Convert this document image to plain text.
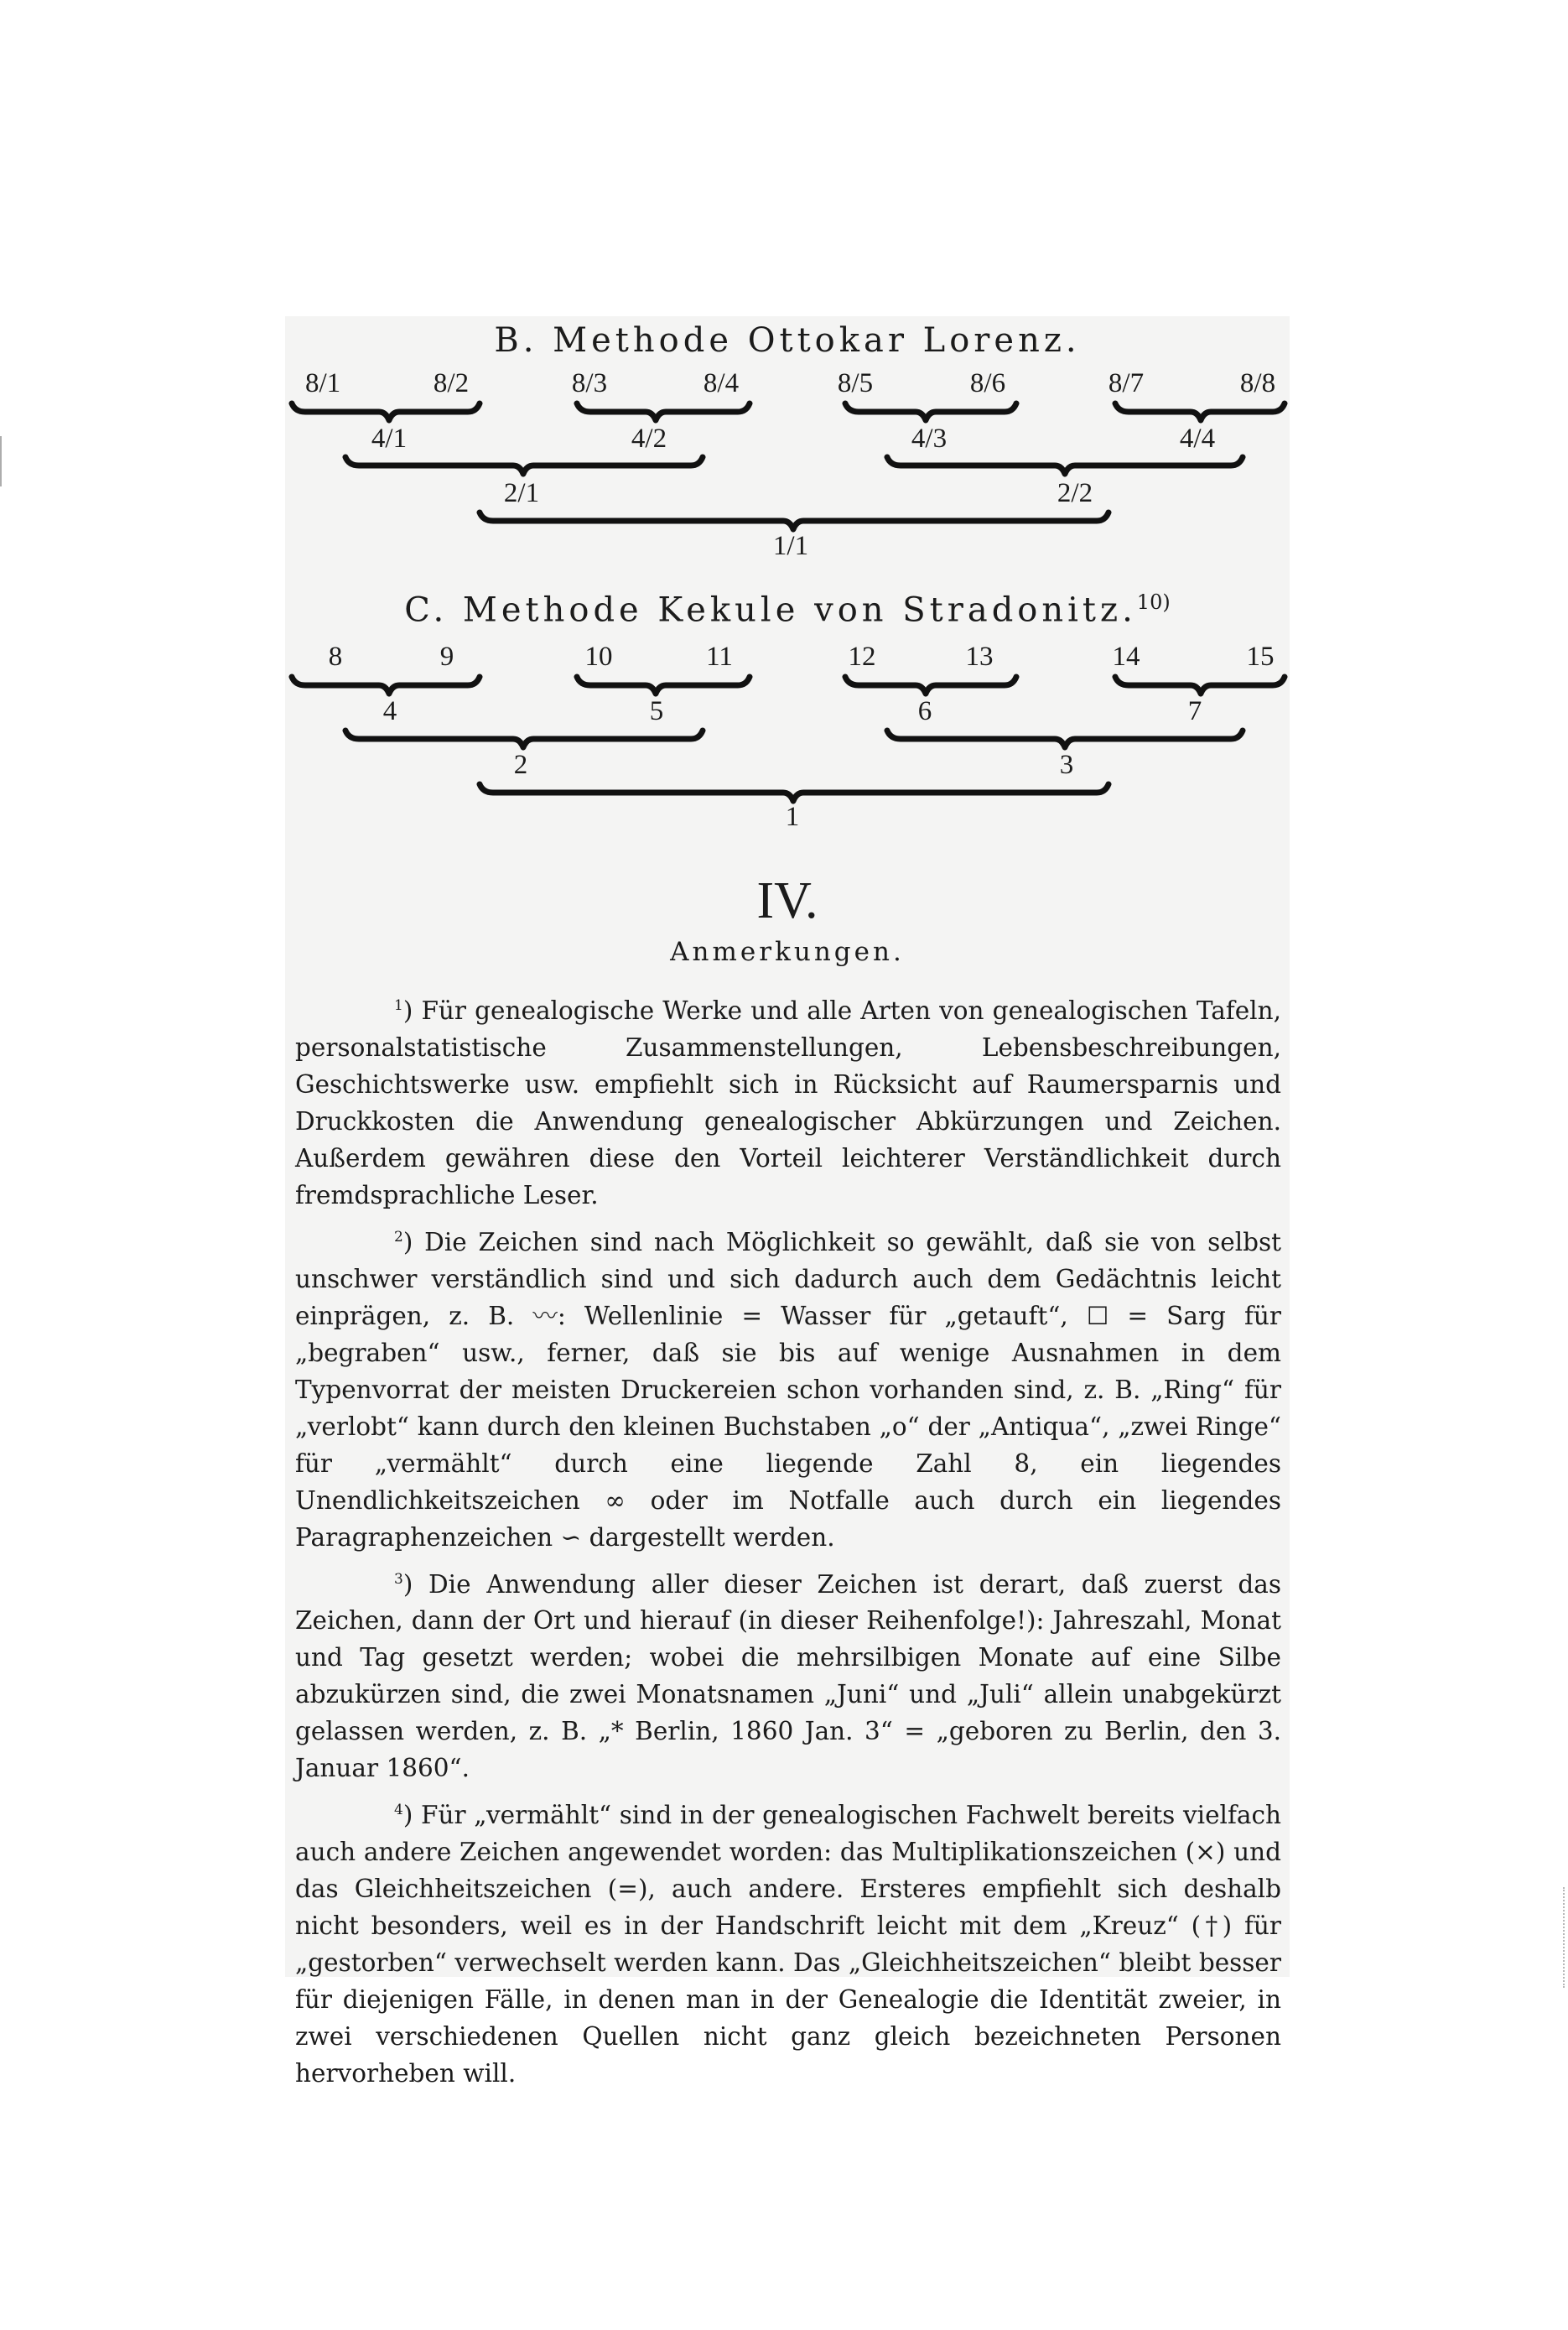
B. Methode Ottokar Lorenz.
8/1	8/2	8/3	8/4	8/5	8/6	8/7	8/8
4/1	4/2	4/3	4/4
2/1	2/2
1/1
C. Methode Kekule von Stradonitz.$^{10)}$
8	9	10	11	12	13	14	15
4	5	6	7
2	3
1
IV.
Anmerkungen.

$^1$) Für genealogische Werke und alle Arten von genealogischen Tafeln, personalstatistische Zusammenstellungen, Lebensbeschreibungen, Geschichtswerke usw. empfiehlt sich in Rücksicht auf Raumersparnis und Druckkosten die Anwendung genealogischer Abkürzungen und Zeichen. Außerdem gewähren diese den Vorteil leichterer Verständlichkeit durch fremdsprachliche Leser.

$^2$) Die Zeichen sind nach Möglichkeit so gewählt, daß sie von selbst unschwer verständlich sind und sich dadurch auch dem Gedächtnis leicht einprägen, z. B. 〰: Wellenlinie = Wasser für „getauft“, ☐ = Sarg für „begraben“ usw., ferner, daß sie bis auf wenige Ausnahmen in dem Typenvorrat der meisten Druckereien schon vorhanden sind, z. B. „Ring“ für „verlobt“ kann durch den kleinen Buchstaben „o“ der „Antiqua“, „zwei Ringe“ für „vermählt“ durch eine liegende Zahl 8, ein liegendes Unendlichkeitszeichen ∞ oder im Notfalle auch durch ein liegendes Paragraphenzeichen ∽ dargestellt werden.

$^3$) Die Anwendung aller dieser Zeichen ist derart, daß zuerst das Zeichen, dann der Ort und hierauf (in dieser Reihenfolge!): Jahreszahl, Monat und Tag gesetzt werden; wobei die mehrsilbigen Monate auf eine Silbe abzukürzen sind, die zwei Monatsnamen „Juni“ und „Juli“ allein unabgekürzt gelassen werden, z. B. „* Berlin, 1860 Jan. 3“ = „geboren zu Berlin, den 3. Januar 1860“.

$^4$) Für „vermählt“ sind in der genealogischen Fachwelt bereits vielfach auch andere Zeichen angewendet worden: das Multiplikationszeichen (×) und das Gleichheitszeichen (=), auch andere. Ersteres empfiehlt sich deshalb nicht besonders, weil es in der Handschrift leicht mit dem „Kreuz“ (†) für „gestorben“ verwechselt werden kann. Das „Gleichheitszeichen“ bleibt besser für diejenigen Fälle, in denen man in der Genealogie die Identität zweier, in zwei verschiedenen Quellen nicht ganz gleich bezeichneten Personen hervorheben will.
